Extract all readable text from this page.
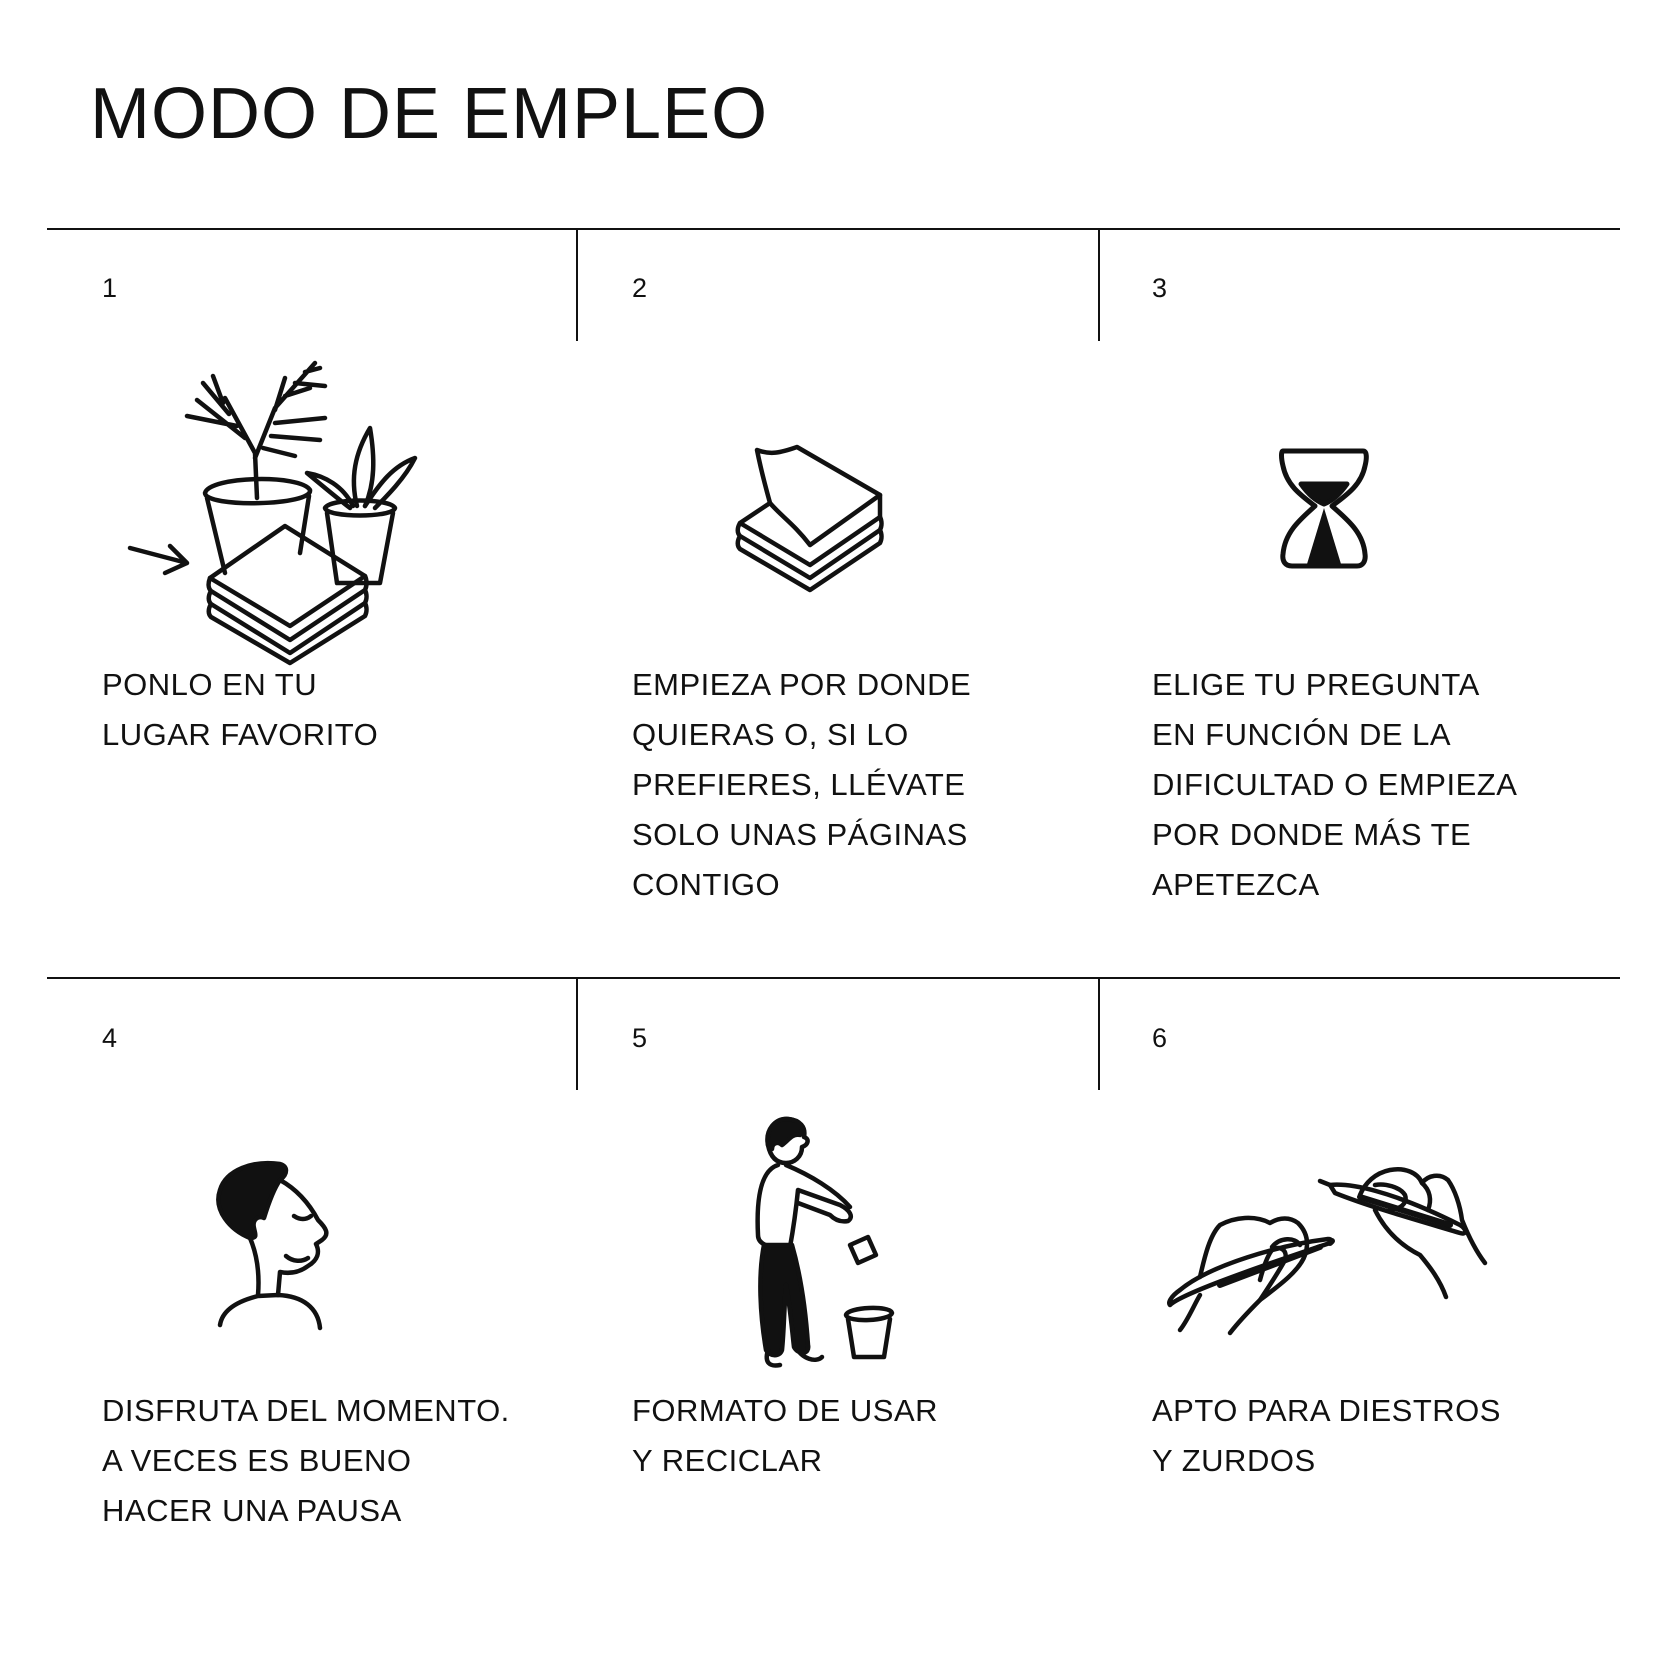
MODO DE EMPLEO
1
PONLO EN TU
LUGAR FAVORITO
2
EMPIEZA POR DONDE
QUIERAS O, SI LO
PREFIERES, LLÉVATE
SOLO UNAS PÁGINAS
CONTIGO
3
ELIGE TU PREGUNTA
EN FUNCIÓN DE LA
DIFICULTAD O EMPIEZA
POR DONDE MÁS TE
APETEZCA
4
DISFRUTA DEL MOMENTO.
A VECES ES BUENO
HACER UNA PAUSA
5
FORMATO DE USAR
Y RECICLAR
6
APTO PARA DIESTROS
Y ZURDOS
